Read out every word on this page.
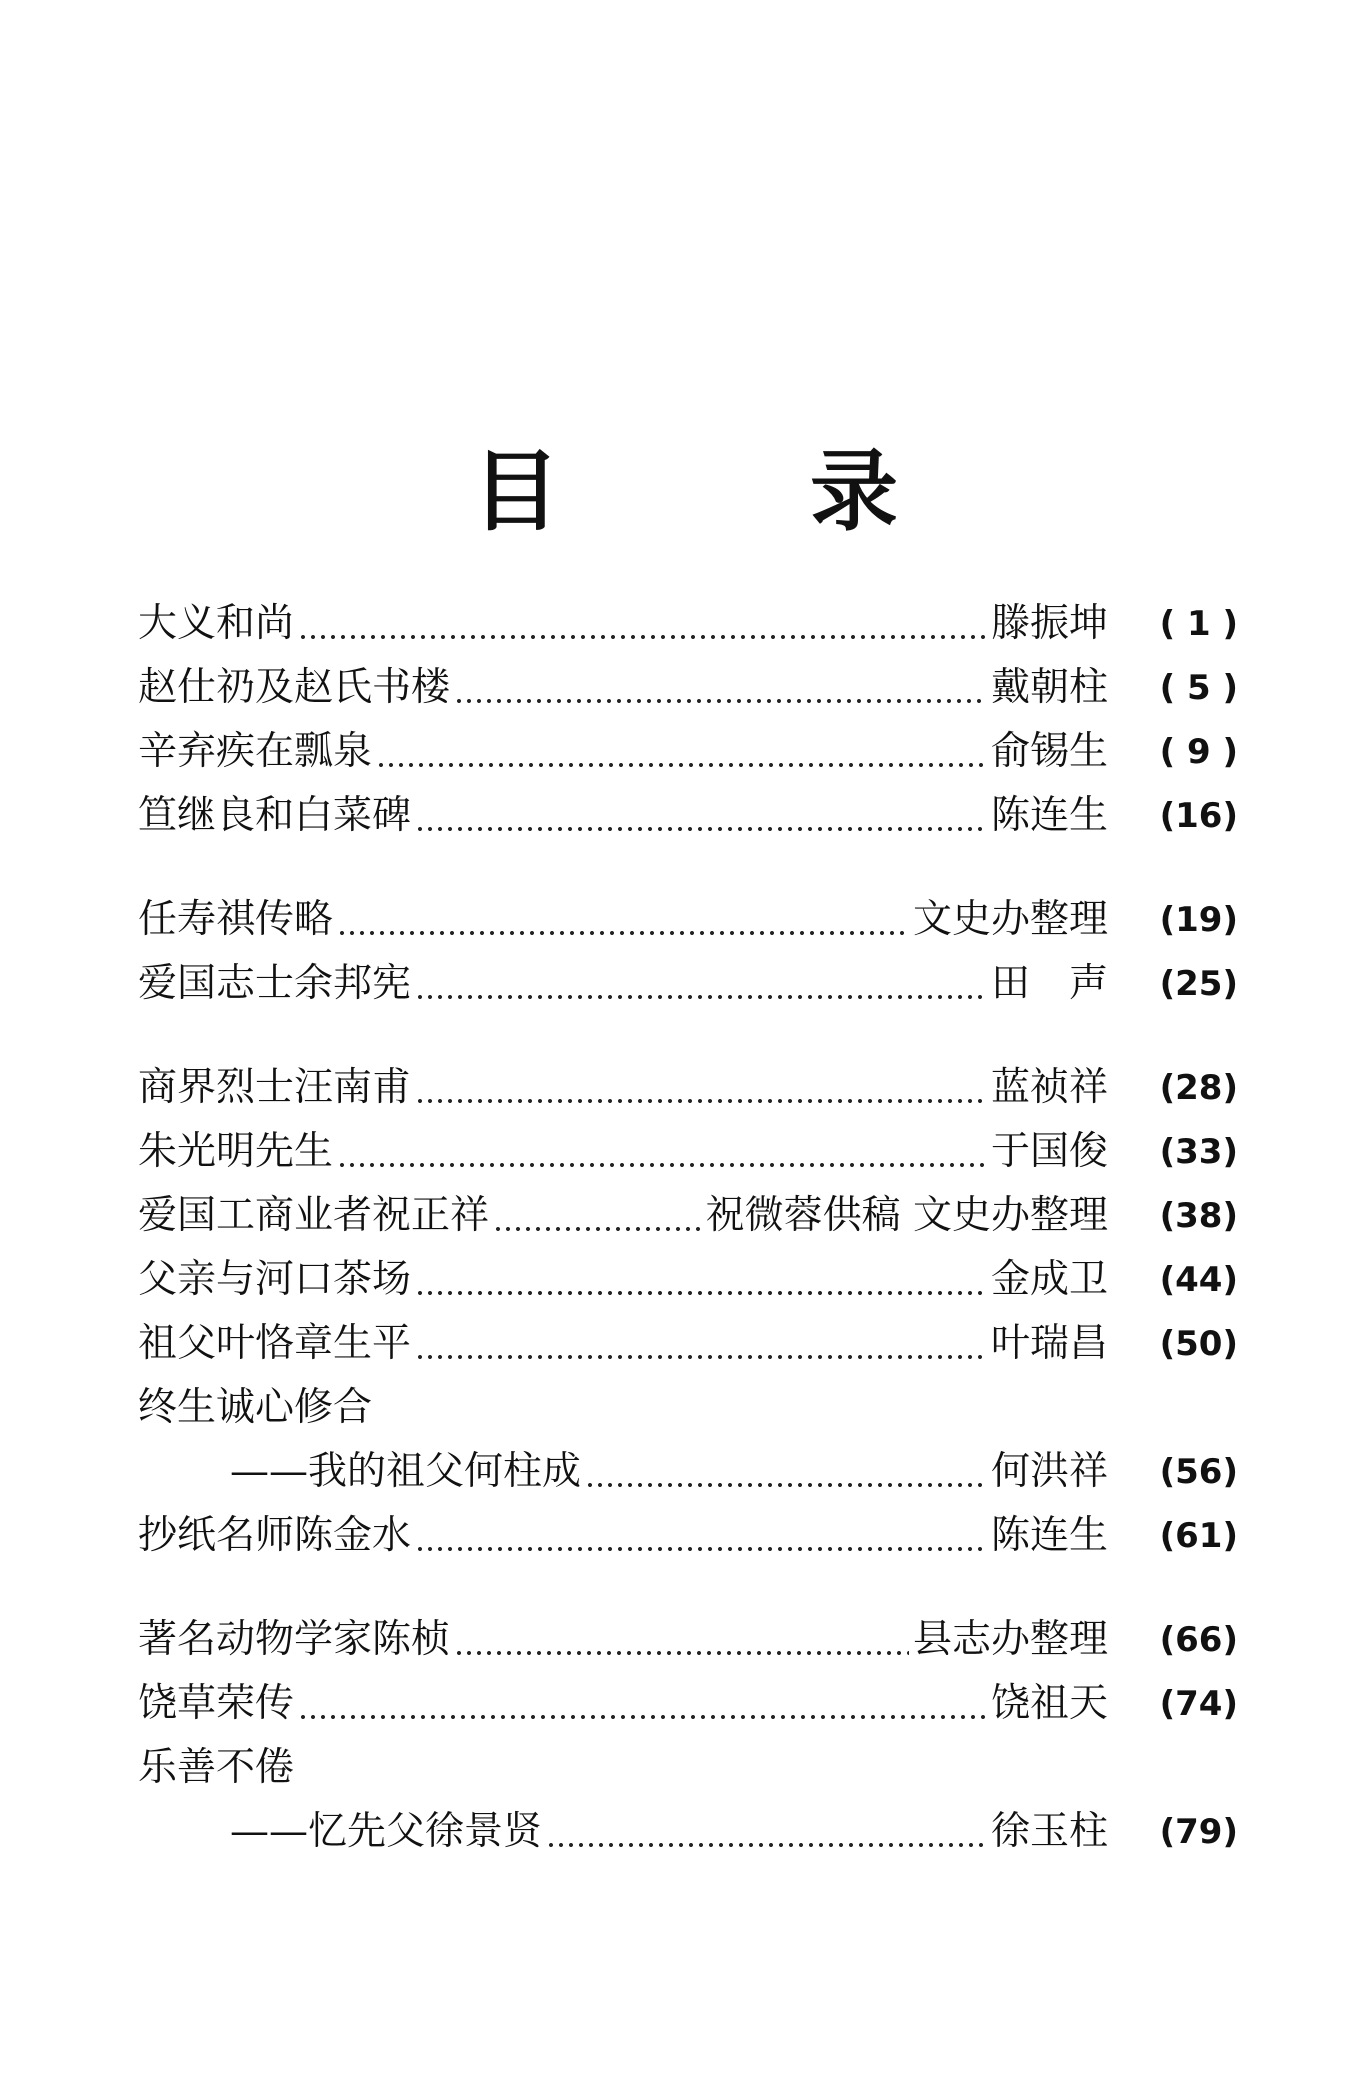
目	录
大义和尚	滕振坤	( 1 )
赵仕礽及赵氏书楼	戴朝柱	( 5 )
辛弃疾在瓢泉	俞锡生	( 9 )
笪继良和白菜碑	陈连生	(16)
任寿祺传略	文史办整理	(19)
爱国志士余邦宪	田　声	(25)
商界烈士汪南甫	蓝祯祥	(28)
朱光明先生	于国俊	(33)
爱国工商业者祝正祥	祝微蓉供稿 文史办整理	(38)
父亲与河口茶场	金成卫	(44)
祖父叶恪章生平	叶瑞昌	(50)
终生诚心修合
——我的祖父何柱成	何洪祥	(56)
抄纸名师陈金水	陈连生	(61)
著名动物学家陈桢	县志办整理	(66)
饶草荣传	饶祖天	(74)
乐善不倦
——忆先父徐景贤	徐玉柱	(79)
